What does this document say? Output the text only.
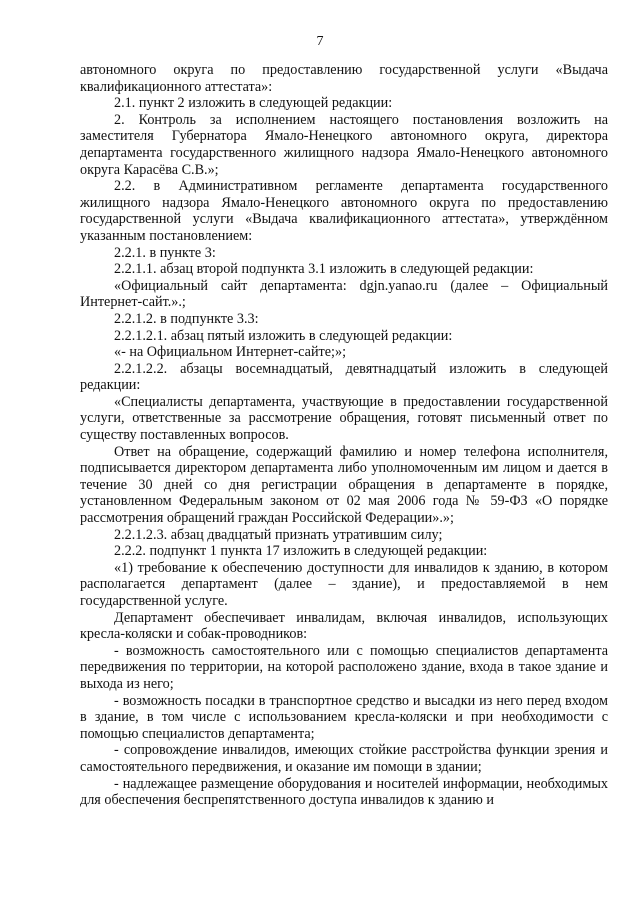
7

автономного округа по предоставлению государственной услуги «Выдача квалификационного аттестата»:

2.1. пункт 2 изложить в следующей редакции:

2. Контроль за исполнением настоящего постановления возложить на заместителя Губернатора Ямало-Ненецкого автономного округа, директора департамента государственного жилищного надзора Ямало-Ненецкого автономного округа Карасёва С.В.»;

2.2. в Административном регламенте департамента государственного жилищного надзора Ямало-Ненецкого автономного округа по предоставлению государственной услуги «Выдача квалификационного аттестата», утверждённом указанным постановлением:

2.2.1. в пункте 3:

2.2.1.1. абзац второй подпункта 3.1 изложить в следующей редакции:

«Официальный сайт департамента: dgjn.yanao.ru (далее – Официальный Интернет-сайт.».;

2.2.1.2. в подпункте 3.3:

2.2.1.2.1. абзац пятый изложить в следующей редакции:

«- на Официальном Интернет-сайте;»;

2.2.1.2.2. абзацы восемнадцатый, девятнадцатый изложить в следующей редакции:

«Специалисты департамента, участвующие в предоставлении государственной услуги, ответственные за рассмотрение обращения, готовят письменный ответ по существу поставленных вопросов.

Ответ на обращение, содержащий фамилию и номер телефона исполнителя, подписывается директором департамента либо уполномоченным им лицом и дается в течение 30 дней со дня регистрации обращения в департаменте в порядке, установленном Федеральным законом от 02 мая 2006 года № 59-ФЗ «О порядке рассмотрения обращений граждан Российской Федерации».»;

2.2.1.2.3. абзац двадцатый признать утратившим силу;

2.2.2. подпункт 1 пункта 17 изложить в следующей редакции:

«1) требование к обеспечению доступности для инвалидов к зданию, в котором располагается департамент (далее – здание), и предоставляемой в нем государственной услуге.

Департамент обеспечивает инвалидам, включая инвалидов, использующих кресла-коляски и собак-проводников:

- возможность самостоятельного или с помощью специалистов департамента передвижения по территории, на которой расположено здание, входа в такое здание и выхода из него;

- возможность посадки в транспортное средство и высадки из него перед входом в здание, в том числе с использованием кресла-коляски и при необходимости с помощью специалистов департамента;

- сопровождение инвалидов, имеющих стойкие расстройства функции зрения и самостоятельного передвижения, и оказание им помощи в здании;

- надлежащее размещение оборудования и носителей информации, необходимых для обеспечения беспрепятственного доступа инвалидов к зданию и
